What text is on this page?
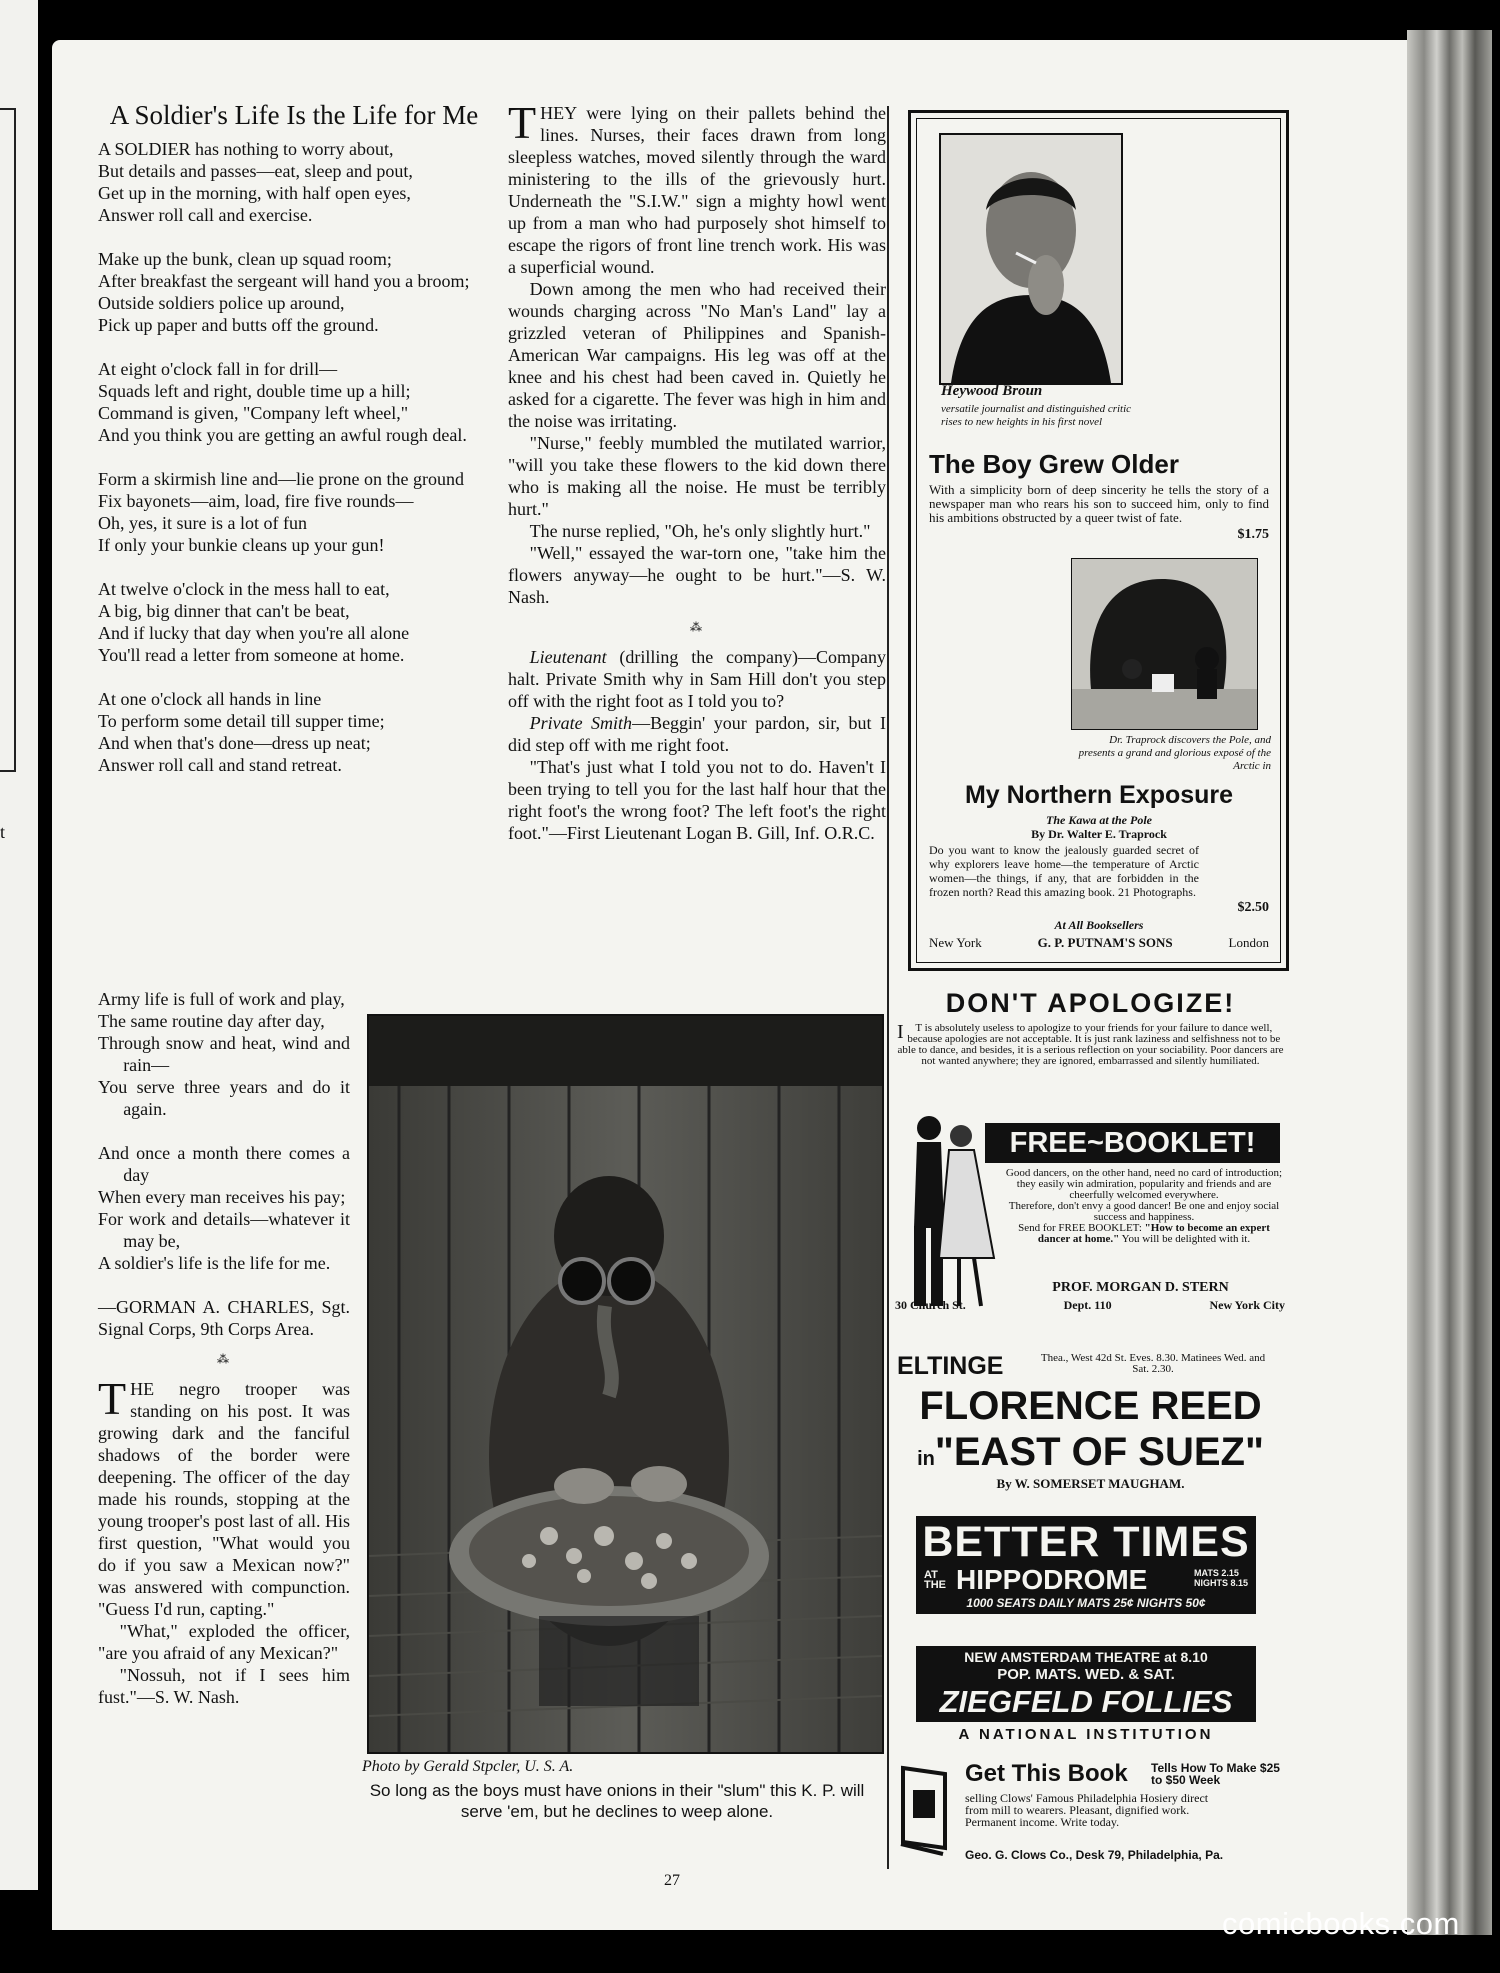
t
A Soldier's Life Is the Life for Me
A SOLDIER has nothing to worry about,
But details and passes—eat, sleep and pout,
Get up in the morning, with half open eyes,
Answer roll call and exercise.
Make up the bunk, clean up squad room;
After breakfast the sergeant will hand you a broom;
Outside soldiers police up around,
Pick up paper and butts off the ground.
At eight o'clock fall in for drill—
Squads left and right, double time up a hill;
Command is given, "Company left wheel,"
And you think you are getting an awful rough deal.
Form a skirmish line and—lie prone on the ground
Fix bayonets—aim, load, fire five rounds—
Oh, yes, it sure is a lot of fun
If only your bunkie cleans up your gun!
At twelve o'clock in the mess hall to eat,
A big, big dinner that can't be beat,
And if lucky that day when you're all alone
You'll read a letter from someone at home.
At one o'clock all hands in line
To perform some detail till supper time;
And when that's done—dress up neat;
Answer roll call and stand retreat.
Army life is full of work and play,
The same routine day after day,
Through snow and heat, wind and rain—
You serve three years and do it again.
And once a month there comes a day
When every man receives his pay;
For work and details—whatever it may be,
A soldier's life is the life for me.
—GORMAN A. CHARLES, Sgt. Signal Corps, 9th Corps Area.
⁂
THE negro trooper was standing on his post. It was growing dark and the fanciful shadows of the border were deepening. The officer of the day made his rounds, stopping at the young trooper's post last of all. His first question, "What would you do if you saw a Mexican now?" was answered with compunction. "Guess I'd run, capting."
"What," exploded the officer, "are you afraid of any Mexican?"
"Nossuh, not if I sees him fust."—S. W. Nash.
THEY were lying on their pallets behind the lines. Nurses, their faces drawn from long sleepless watches, moved silently through the ward ministering to the ills of the grievously hurt. Underneath the "S.I.W." sign a mighty howl went up from a man who had purposely shot himself to escape the rigors of front line trench work. His was a superficial wound.
Down among the men who had received their wounds charging across "No Man's Land" lay a grizzled veteran of Philippines and Spanish-American War campaigns. His leg was off at the knee and his chest had been caved in. Quietly he asked for a cigarette. The fever was high in him and the noise was irritating.
"Nurse," feebly mumbled the mutilated warrior, "will you take these flowers to the kid down there who is making all the noise. He must be terribly hurt."
The nurse replied, "Oh, he's only slightly hurt."
"Well," essayed the war-torn one, "take him the flowers anyway—he ought to be hurt."—S. W. Nash.
⁂
Lieutenant (drilling the company)—Company halt. Private Smith why in Sam Hill don't you step off with the right foot as I told you to?
Private Smith—Beggin' your pardon, sir, but I did step off with me right foot.
"That's just what I told you not to do. Haven't I been trying to tell you for the last half hour that the right foot's the wrong foot? The left foot's the right foot."—First Lieutenant Logan B. Gill, Inf. O.R.C.
Photo by Gerald Stpcler, U. S. A.
So long as the boys must have onions in their "slum" this K. P. will serve 'em, but he declines to weep alone.
27
Heywood Broun
versatile journalist and distinguished critic rises to new heights in his first novel
The Boy Grew Older
With a simplicity born of deep sincerity he tells the story of a newspaper man who rears his son to succeed him, only to find his ambitions obstructed by a queer twist of fate.
$1.75
Dr. Traprock discovers the Pole, and presents a grand and glorious exposé of the Arctic in
My Northern Exposure
The Kawa at the Pole
By Dr. Walter E. Traprock
Do you want to know the jealously guarded secret of why explorers leave home—the temperature of Arctic women—the things, if any, that are forbidden in the frozen north? Read this amazing book. 21 Photographs.
$2.50
At All Booksellers
New York	G. P. PUTNAM'S SONS	London
DON'T APOLOGIZE!
I T is absolutely useless to apologize to your friends for your failure to dance well, because apologies are not acceptable. It is just rank laziness and selfishness not to be able to dance, and besides, it is a serious reflection on your sociability. Poor dancers are not wanted anywhere; they are ignored, embarrassed and silently humiliated.
FREE~BOOKLET!
Good dancers, on the other hand, need no card of introduction; they easily win admiration, popularity and friends and are cheerfully welcomed everywhere.
Therefore, don't envy a good dancer! Be one and enjoy social success and happiness.
Send for FREE BOOKLET: "How to become an expert dancer at home." You will be delighted with it.
PROF. MORGAN D. STERN
30 Church St.	Dept. 110	New York City
ELTINGE	Thea., West 42d St. Eves. 8.30. Matinees Wed. and Sat. 2.30.
FLORENCE REED
in"EAST OF SUEZ"
By W. SOMERSET MAUGHAM.
BETTER TIMES
AT
THE HIPPODROME	MATS 2.15
NIGHTS 8.15
1000 SEATS DAILY MATS 25¢ NIGHTS 50¢
NEW AMSTERDAM THEATRE at 8.10
POP. MATS. WED. & SAT.
ZIEGFELD FOLLIES
A NATIONAL INSTITUTION
Get This Book Tells How To Make $25 to $50 Week
selling Clows' Famous Philadelphia Hosiery direct from mill to wearers. Pleasant, dignified work. Permanent income. Write today.
Geo. G. Clows Co., Desk 79, Philadelphia, Pa.
comicbooks.com
